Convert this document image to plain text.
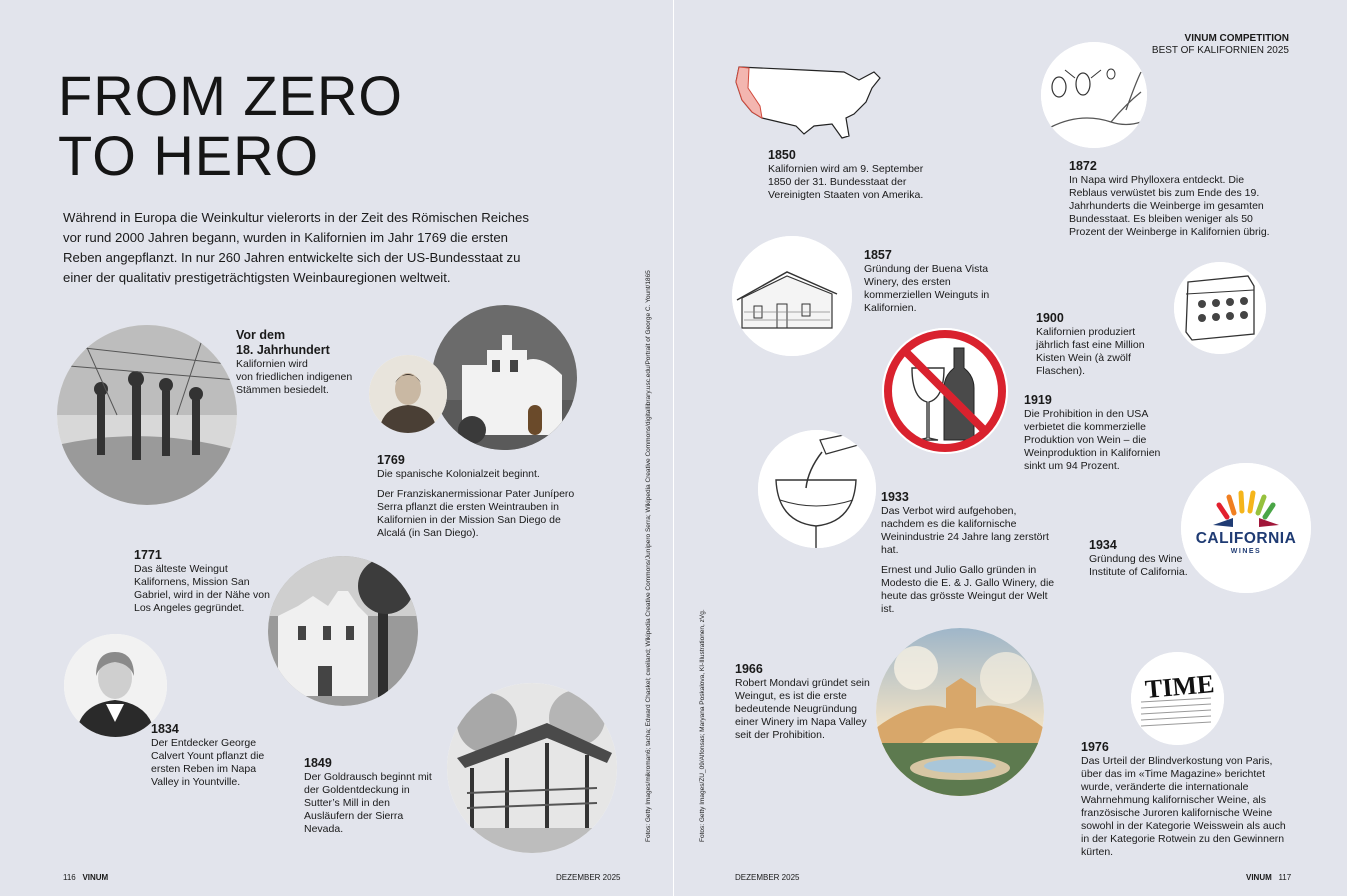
FROM ZERO
TO HERO

Während in Europa die Weinkultur vielerorts in der Zeit des Römischen Reiches vor rund 2000 Jahren begann, wurden in Kalifornien im Jahr 1769 die ersten Reben angepflanzt. In nur 260 Jahren entwickelte sich der US-Bundesstaat zu einer der qualitativ prestigeträchtigsten Weinbauregionen weltweit.

Vor dem
18. Jahrhundert

Kalifornien wird
von friedlichen indigenen
Stämmen besiedelt.

1769

Die spanische Kolonialzeit beginnt.

Der Franziskanermissionar Pater Junípero Serra pflanzt die ersten Weintrauben in Kalifornien in der Mission San Diego de Alcalá (in San Diego).

1771

Das älteste Weingut Kalifornens, Mission San Gabriel, wird in der Nähe von Los Angeles gegründet.

1834

Der Entdecker George Calvert Yount pflanzt die ersten Reben im Napa Valley in Yountville.

1849

Der Goldrausch beginnt mit der Goldentdeckung in Sutter’s Mill in den Ausläufern der Sierra Nevada.	Fotos: Getty Images/mikroman6; tacha; Edward Chaskel; cweiland; Wikipedia Creative Commons/Junípero Serra; Wikipedia Creative Commons/digitallibrary.usc.edu/Portrait of George C. Yount/1865
116 VINUM	DEZEMBER 2025
Fotos: Getty Images/ZU_09/Alfonsas; Maryana Poskalova, KI-Illustrationen, zVg.
VINUM COMPETITION
BEST OF KALIFORNIEN 2025
1850

Kalifornien wird am 9. September 1850 der 31. Bundesstaat der Vereinigten Staaten von Amerika.

1872

In Napa wird Phylloxera entdeckt. Die Reblaus verwüstet bis zum Ende des 19. Jahrhunderts die Weinberge im gesamten Bundesstaat. Es bleiben weniger als 50 Prozent der Weinberge in Kalifornien übrig.

1857

Gründung der Buena Vista Winery, des ersten kommerziellen Weinguts in Kalifornien.

1900

Kalifornien produziert jährlich fast eine Million Kisten Wein (à zwölf Flaschen).

1919

Die Prohibition in den USA verbietet die kommerzielle Produktion von Wein – die Weinproduktion in Kalifornien sinkt um 94 Prozent.

1933

Das Verbot wird aufgehoben, nachdem es die kalifornische Weinindustrie 24 Jahre lang zerstört hat.

Ernest und Julio Gallo gründen in Modesto die E. & J. Gallo Winery, die heute das grösste Weingut der Welt ist.

CALIFORNIA
WINES
1934

Gründung des Wine Institute of California.

1966

Robert Mondavi gründet sein Weingut, es ist die erste bedeutende Neugründung einer Winery im Napa Valley seit der Prohibition.

TIME
1976

Das Urteil der Blindverkostung von Paris, über das im «Time Magazine» berichtet wurde, veränderte die internationale Wahrnehmung kalifornischer Weine, als französische Juroren kalifornische Weine sowohl in der Kategorie Weisswein als auch in der Kategorie Rotwein zu den Gewinnern kürten.

DEZEMBER 2025	VINUM 117
